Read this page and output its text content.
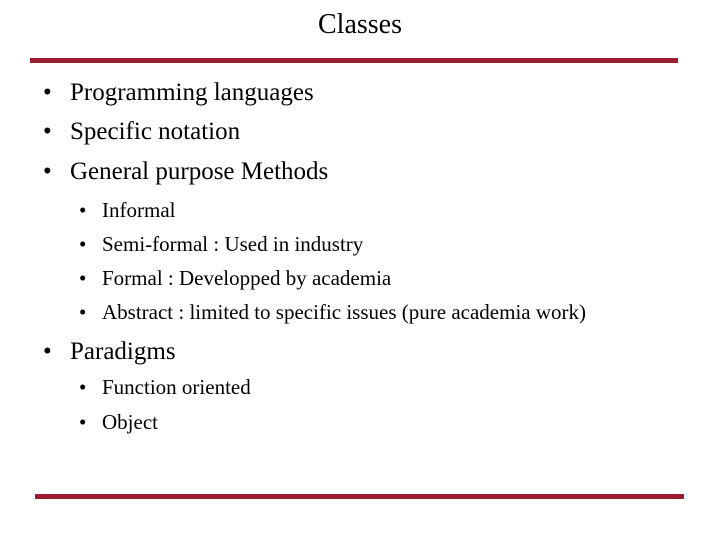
Classes
• Programming languages
• Specific notation
• General purpose Methods
• Informal
• Semi-formal : Used in industry
• Formal : Developped by academia
• Abstract : limited to specific issues (pure academia work)
• Paradigms
• Function oriented
• Object
